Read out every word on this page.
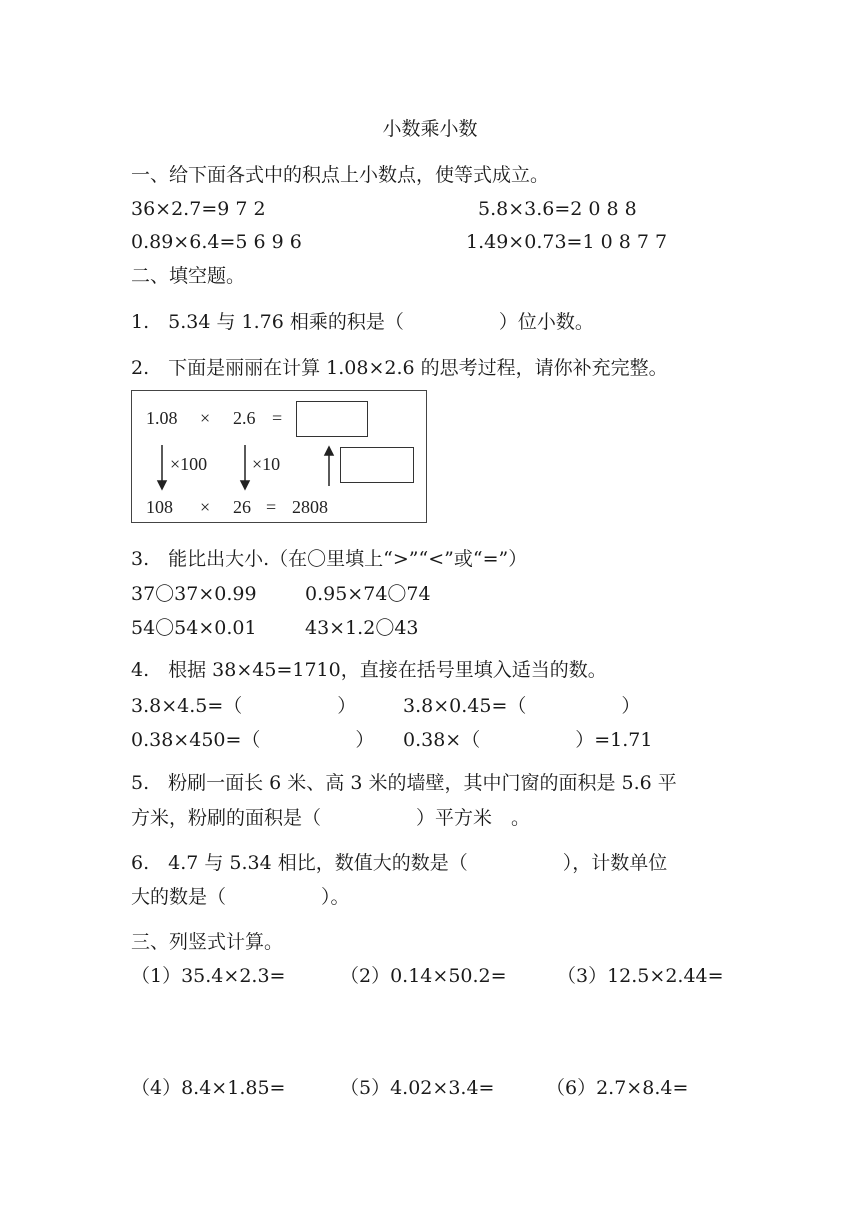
小数乘小数
一、给下面各式中的积点上小数点，使等式成立。
36×2.7=9 7 2	5.8×3.6=2 0 8 8
0.89×6.4=5 6 9 6	1.49×0.73=1 0 8 7 7
二、填空题。
1.　5.34 与 1.76 相乘的积是（　　　　　）位小数。
2.　下面是丽丽在计算 1.08×2.6 的思考过程，请你补充完整。
1.08 × 2.6 =
×100 ×10
108 × 26 = 2808
3.　能比出大小.（在〇里填上“>”“<”或“=”）
37〇37×0.99	0.95×74〇74
54〇54×0.01	43×1.2〇43
4.　根据 38×45=1710，直接在括号里填入适当的数。
3.8×4.5=（　　　　　） 3.8×0.45=（　　　　　）
0.38×450=（　　　　　） 0.38×（　　　　　）=1.71
5.　粉刷一面长 6 米、高 3 米的墙壁，其中门窗的面积是 5.6 平
方米，粉刷的面积是（　　　　　）平方米　。
6.　4.7 与 5.34 相比，数值大的数是（　　　　　），计数单位
大的数是（　　　　　）。
三、列竖式计算。
（1）35.4×2.3=	（2）0.14×50.2=	（3）12.5×2.44=
（4）8.4×1.85=	（5）4.02×3.4=	（6）2.7×8.4=
